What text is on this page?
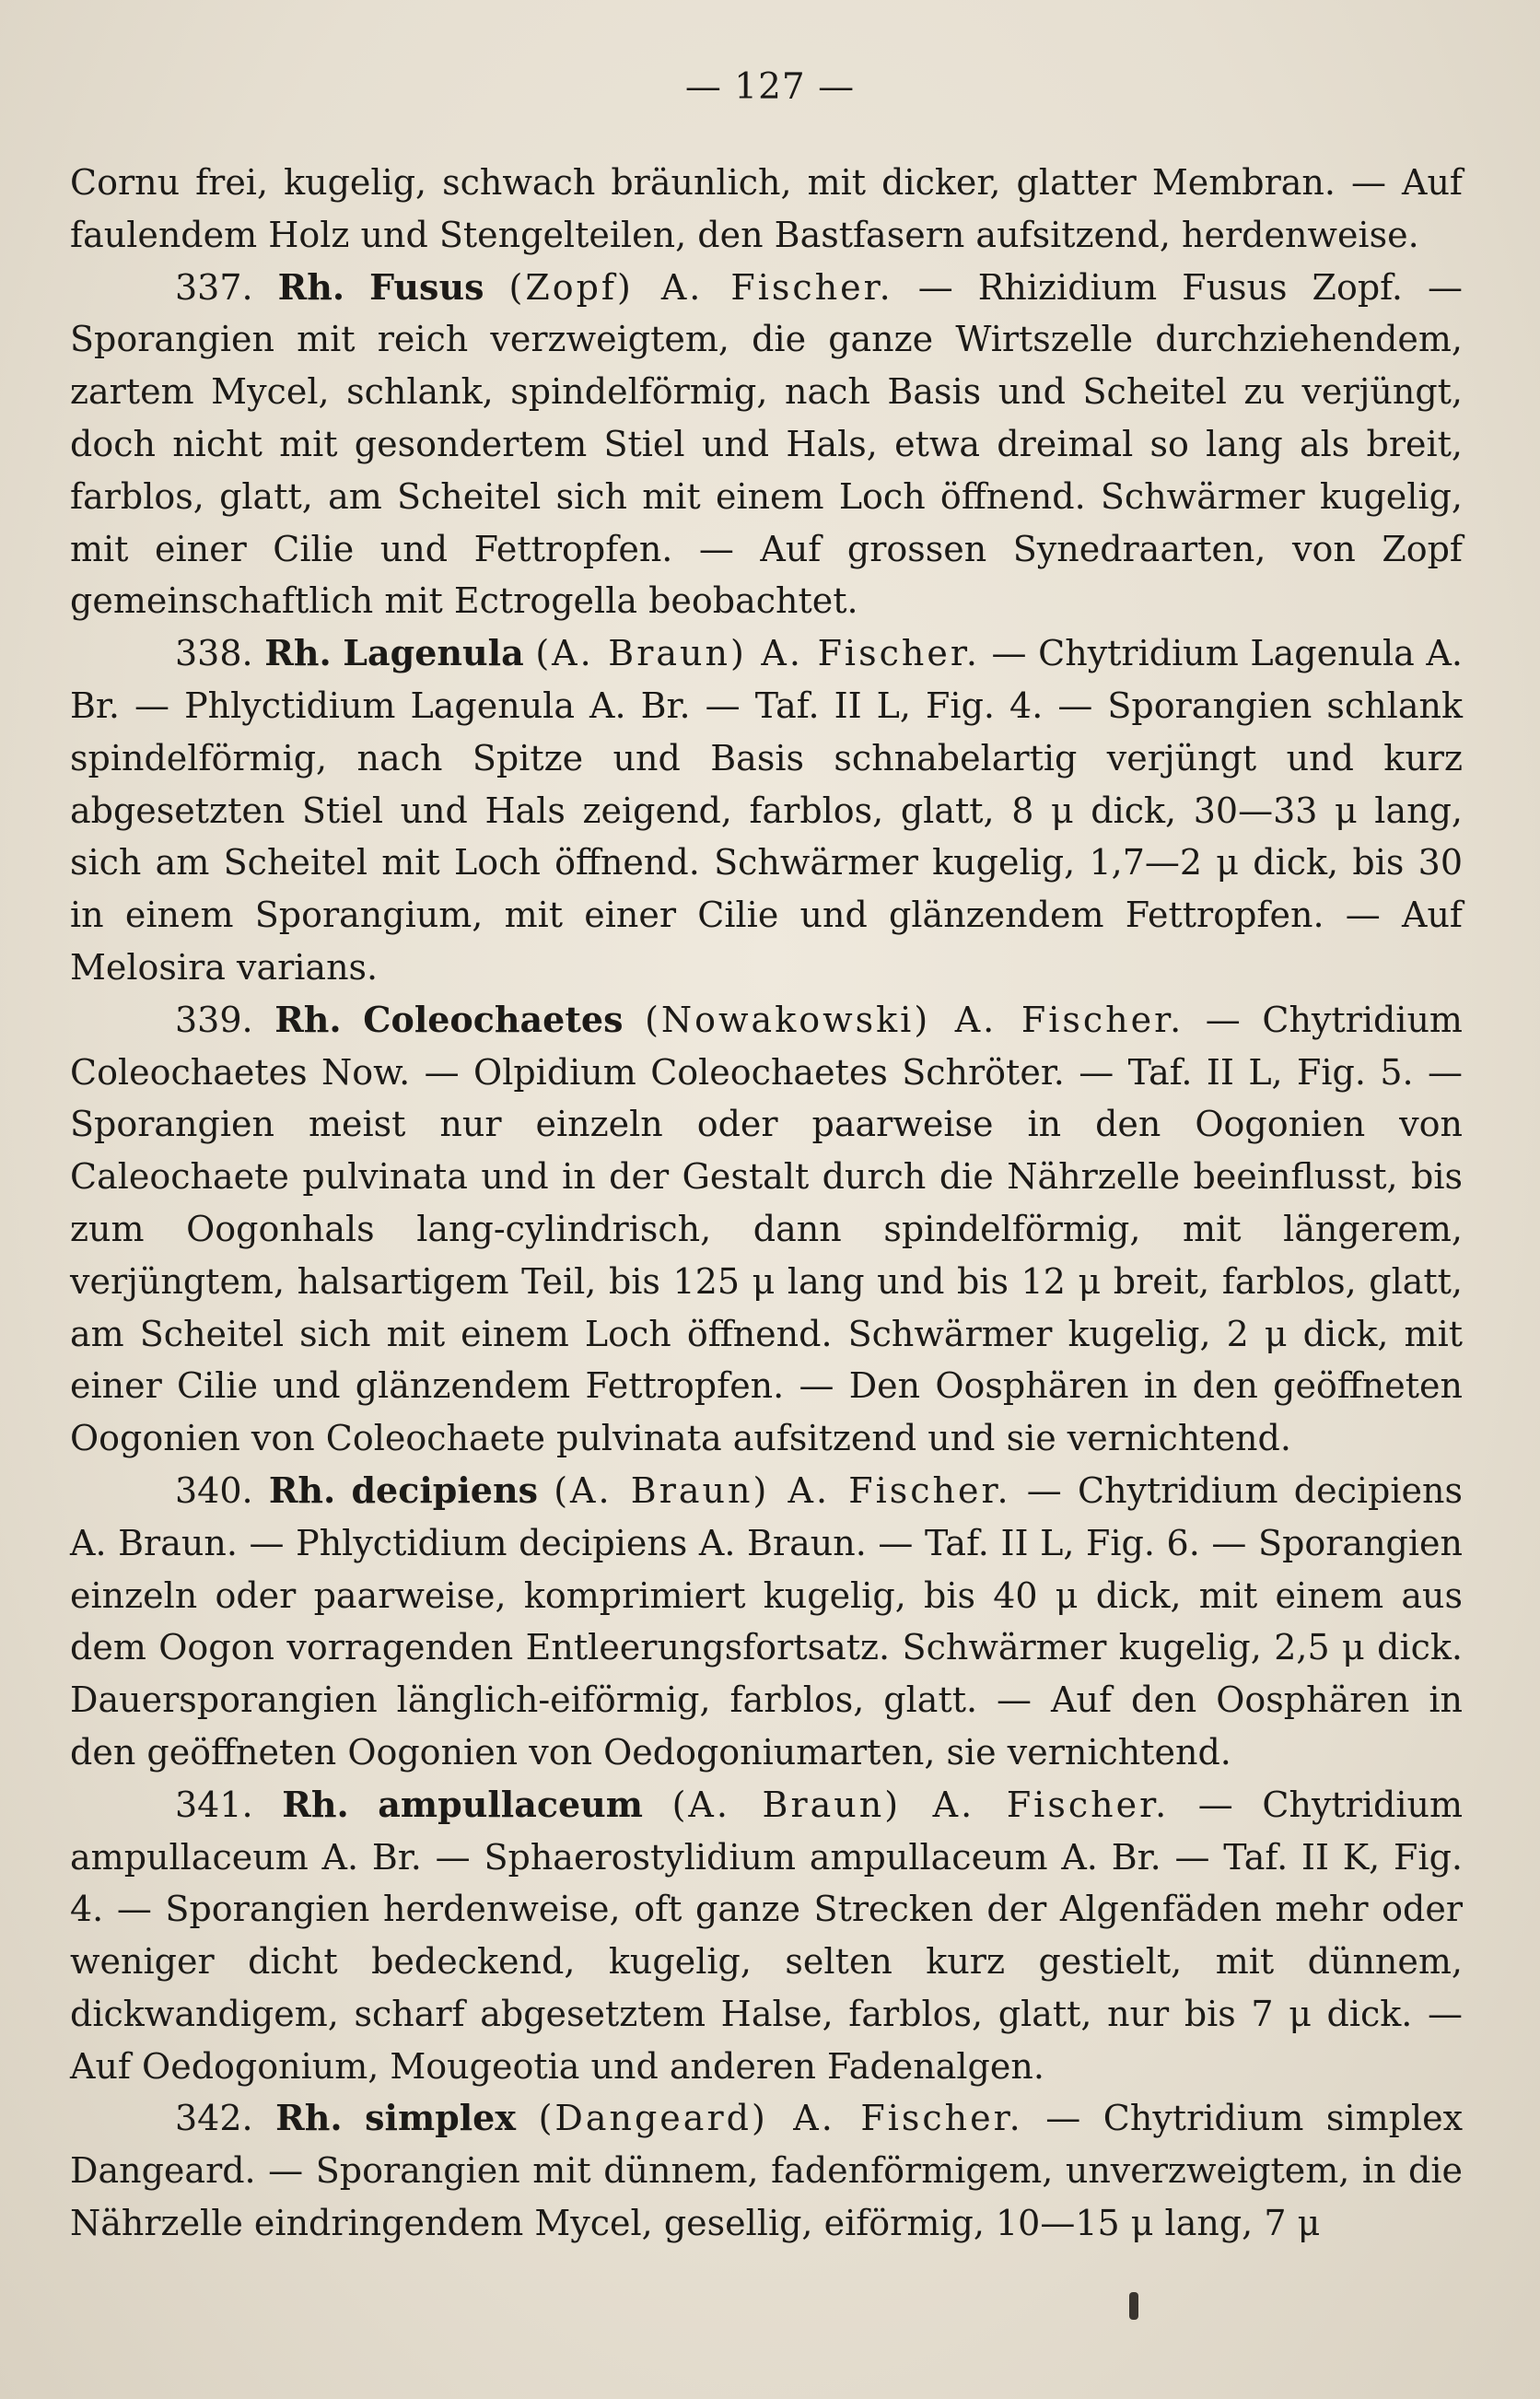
— 127 —

Cornu frei, kugelig, schwach bräunlich, mit dicker, glatter Membran. — Auf faulendem Holz und Stengelteilen, den Bastfasern aufsitzend, herdenweise.

337. Rh. Fusus (Zopf) A. Fischer. — Rhizidium Fusus Zopf. — Sporangien mit reich verzweigtem, die ganze Wirtszelle durchziehendem, zartem Mycel, schlank, spindelförmig, nach Basis und Scheitel zu verjüngt, doch nicht mit gesondertem Stiel und Hals, etwa dreimal so lang als breit, farblos, glatt, am Scheitel sich mit einem Loch öffnend. Schwärmer kugelig, mit einer Cilie und Fettropfen. — Auf grossen Synedraarten, von Zopf gemeinschaftlich mit Ectrogella beobachtet.

338. Rh. Lagenula (A. Braun) A. Fischer. — Chytridium Lagenula A. Br. — Phlyctidium Lagenula A. Br. — Taf. II L, Fig. 4. — Sporangien schlank spindelförmig, nach Spitze und Basis schnabelartig verjüngt und kurz abgesetzten Stiel und Hals zeigend, farblos, glatt, 8 μ dick, 30—33 μ lang, sich am Scheitel mit Loch öffnend. Schwärmer kugelig, 1,7—2 μ dick, bis 30 in einem Sporangium, mit einer Cilie und glänzendem Fettropfen. — Auf Melosira varians.

339. Rh. Coleochaetes (Nowakowski) A. Fischer. — Chytridium Coleochaetes Now. — Olpidium Coleochaetes Schröter. — Taf. II L, Fig. 5. — Sporangien meist nur einzeln oder paarweise in den Oogonien von Caleochaete pulvinata und in der Gestalt durch die Nährzelle beeinflusst, bis zum Oogonhals lang-cylindrisch, dann spindelförmig, mit längerem, verjüngtem, halsartigem Teil, bis 125 μ lang und bis 12 μ breit, farblos, glatt, am Scheitel sich mit einem Loch öffnend. Schwärmer kugelig, 2 μ dick, mit einer Cilie und glänzendem Fettropfen. — Den Oosphären in den geöffneten Oogonien von Coleochaete pulvinata aufsitzend und sie vernichtend.

340. Rh. decipiens (A. Braun) A. Fischer. — Chytridium decipiens A. Braun. — Phlyctidium decipiens A. Braun. — Taf. II L, Fig. 6. — Sporangien einzeln oder paarweise, komprimiert kugelig, bis 40 μ dick, mit einem aus dem Oogon vorragenden Entleerungsfortsatz. Schwärmer kugelig, 2,5 μ dick. Dauersporangien länglich-eiförmig, farblos, glatt. — Auf den Oosphären in den geöffneten Oogonien von Oedogoniumarten, sie vernichtend.

341. Rh. ampullaceum (A. Braun) A. Fischer. — Chytridium ampullaceum A. Br. — Sphaerostylidium ampullaceum A. Br. — Taf. II K, Fig. 4. — Sporangien herdenweise, oft ganze Strecken der Algenfäden mehr oder weniger dicht bedeckend, kugelig, selten kurz gestielt, mit dünnem, dickwandigem, scharf abgesetztem Halse, farblos, glatt, nur bis 7 μ dick. — Auf Oedogonium, Mougeotia und anderen Fadenalgen.

342. Rh. simplex (Dangeard) A. Fischer. — Chytridium simplex Dangeard. — Sporangien mit dünnem, fadenförmigem, unverzweigtem, in die Nährzelle eindringendem Mycel, gesellig, eiförmig, 10—15 μ lang, 7 μ
